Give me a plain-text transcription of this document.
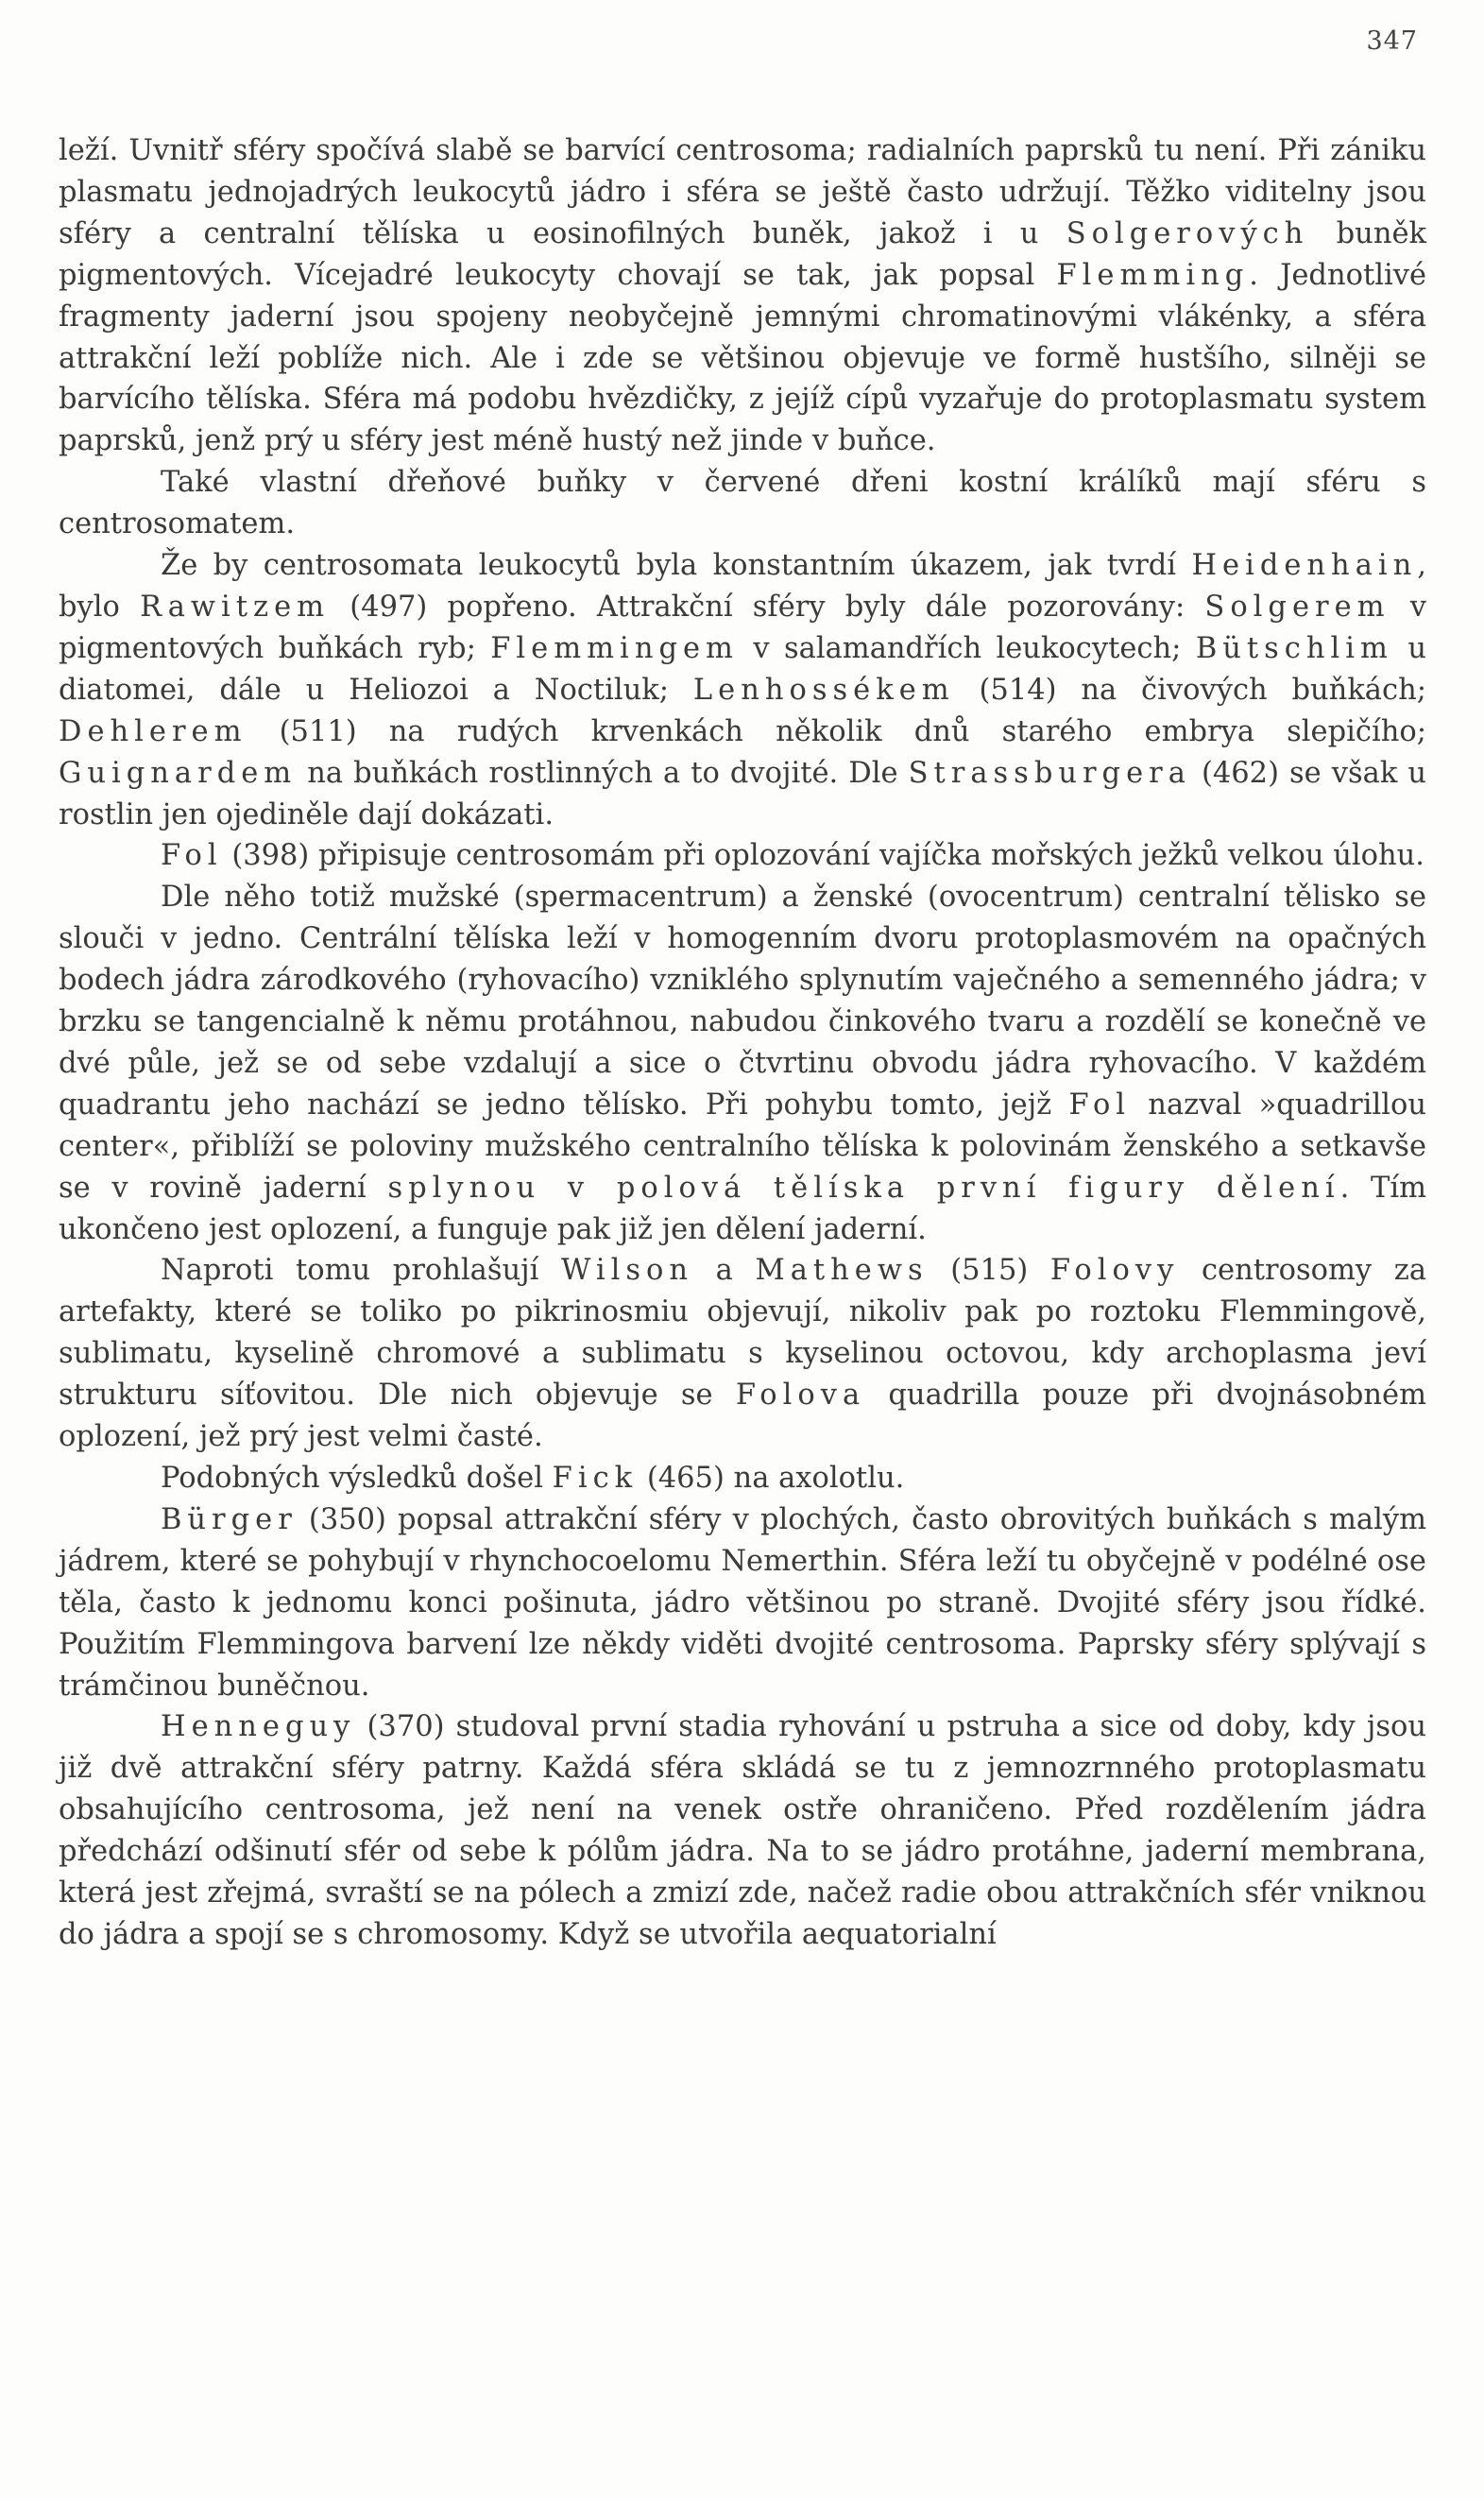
347

leží. Uvnitř sféry spočívá slabě se barvící centrosoma; radialních paprsků tu není. Při zániku plasmatu jednojadrých leukocytů jádro i sféra se ještě často udržují. Těžko viditelny jsou sféry a centralní tělíska u eosinofilných buněk, jakož i u Solgerových buněk pigmentových. Vícejadré leukocyty chovají se tak, jak popsal Flemming. Jednotlivé fragmenty jaderní jsou spojeny neobyčejně jemnými chromatinovými vlákénky, a sféra attrakční leží poblíže nich. Ale i zde se většinou objevuje ve formě hustšího, silněji se barvícího tělíska. Sféra má podobu hvězdičky, z jejíž cípů vyzařuje do protoplasmatu system paprsků, jenž prý u sféry jest méně hustý než jinde v buňce.

Také vlastní dřeňové buňky v červené dřeni kostní králíků mají sféru s centrosomatem.

Že by centrosomata leukocytů byla konstantním úkazem, jak tvrdí Heidenhain, bylo Rawitzem (497) popřeno. Attrakční sféry byly dále pozorovány: Solgerem v pigmentových buňkách ryb; Flemmingem v salamandřích leukocytech; Bütschlim u diatomei, dále u Heliozoi a Noctiluk; Lenhossékem (514) na čivových buňkách; Dehlerem (511) na rudých krvenkách několik dnů starého embrya slepičího; Guignardem na buňkách rostlinných a to dvojité. Dle Strassburgera (462) se však u rostlin jen ojediněle dají dokázati.

Fol (398) připisuje centrosomám při oplozování vajíčka mořských ježků velkou úlohu.

Dle něho totiž mužské (spermacentrum) a ženské (ovocentrum) centralní tělisko se slouči v jedno. Centrální tělíska leží v homogenním dvoru protoplasmovém na opačných bodech jádra zárodkového (ryhovacího) vzniklého splynutím vaječného a semenného jádra; v brzku se tangencialně k němu protáhnou, nabudou činkového tvaru a rozdělí se konečně ve dvé půle, jež se od sebe vzdalují a sice o čtvrtinu obvodu jádra ryhovacího. V každém quadrantu jeho nachází se jedno tělísko. Při pohybu tomto, jejž Fol nazval »quadrillou center«, přiblíží se poloviny mužského centralního tělíska k polovinám ženského a setkavše se v rovině jaderní splynou v polová tělíska první figury dělení. Tím ukončeno jest oplození, a funguje pak již jen dělení jaderní.

Naproti tomu prohlašují Wilson a Mathews (515) Folovy centrosomy za artefakty, které se toliko po pikrinosmiu objevují, nikoliv pak po roztoku Flemmingově, sublimatu, kyselině chromové a sublimatu s kyselinou octovou, kdy archoplasma jeví strukturu síťovitou. Dle nich objevuje se Folova quadrilla pouze při dvojnásobném oplození, jež prý jest velmi časté.

Podobných výsledků došel Fick (465) na axolotlu.

Bürger (350) popsal attrakční sféry v plochých, často obrovitých buňkách s malým jádrem, které se pohybují v rhynchocoelomu Nemerthin. Sféra leží tu obyčejně v podélné ose těla, často k jednomu konci pošinuta, jádro většinou po straně. Dvojité sféry jsou řídké. Použitím Flemmingova barvení lze někdy viděti dvojité centrosoma. Paprsky sféry splývají s trámčinou buněčnou.

Henneguy (370) studoval první stadia ryhování u pstruha a sice od doby, kdy jsou již dvě attrakční sféry patrny. Každá sféra skládá se tu z jemnozrnného protoplasmatu obsahujícího centrosoma, jež není na venek ostře ohraničeno. Před rozdělením jádra předchází odšinutí sfér od sebe k pólům jádra. Na to se jádro protáhne, jaderní membrana, která jest zřejmá, svraští se na pólech a zmizí zde, načež radie obou attrakčních sfér vniknou do jádra a spojí se s chromosomy. Když se utvořila aequatorialní
